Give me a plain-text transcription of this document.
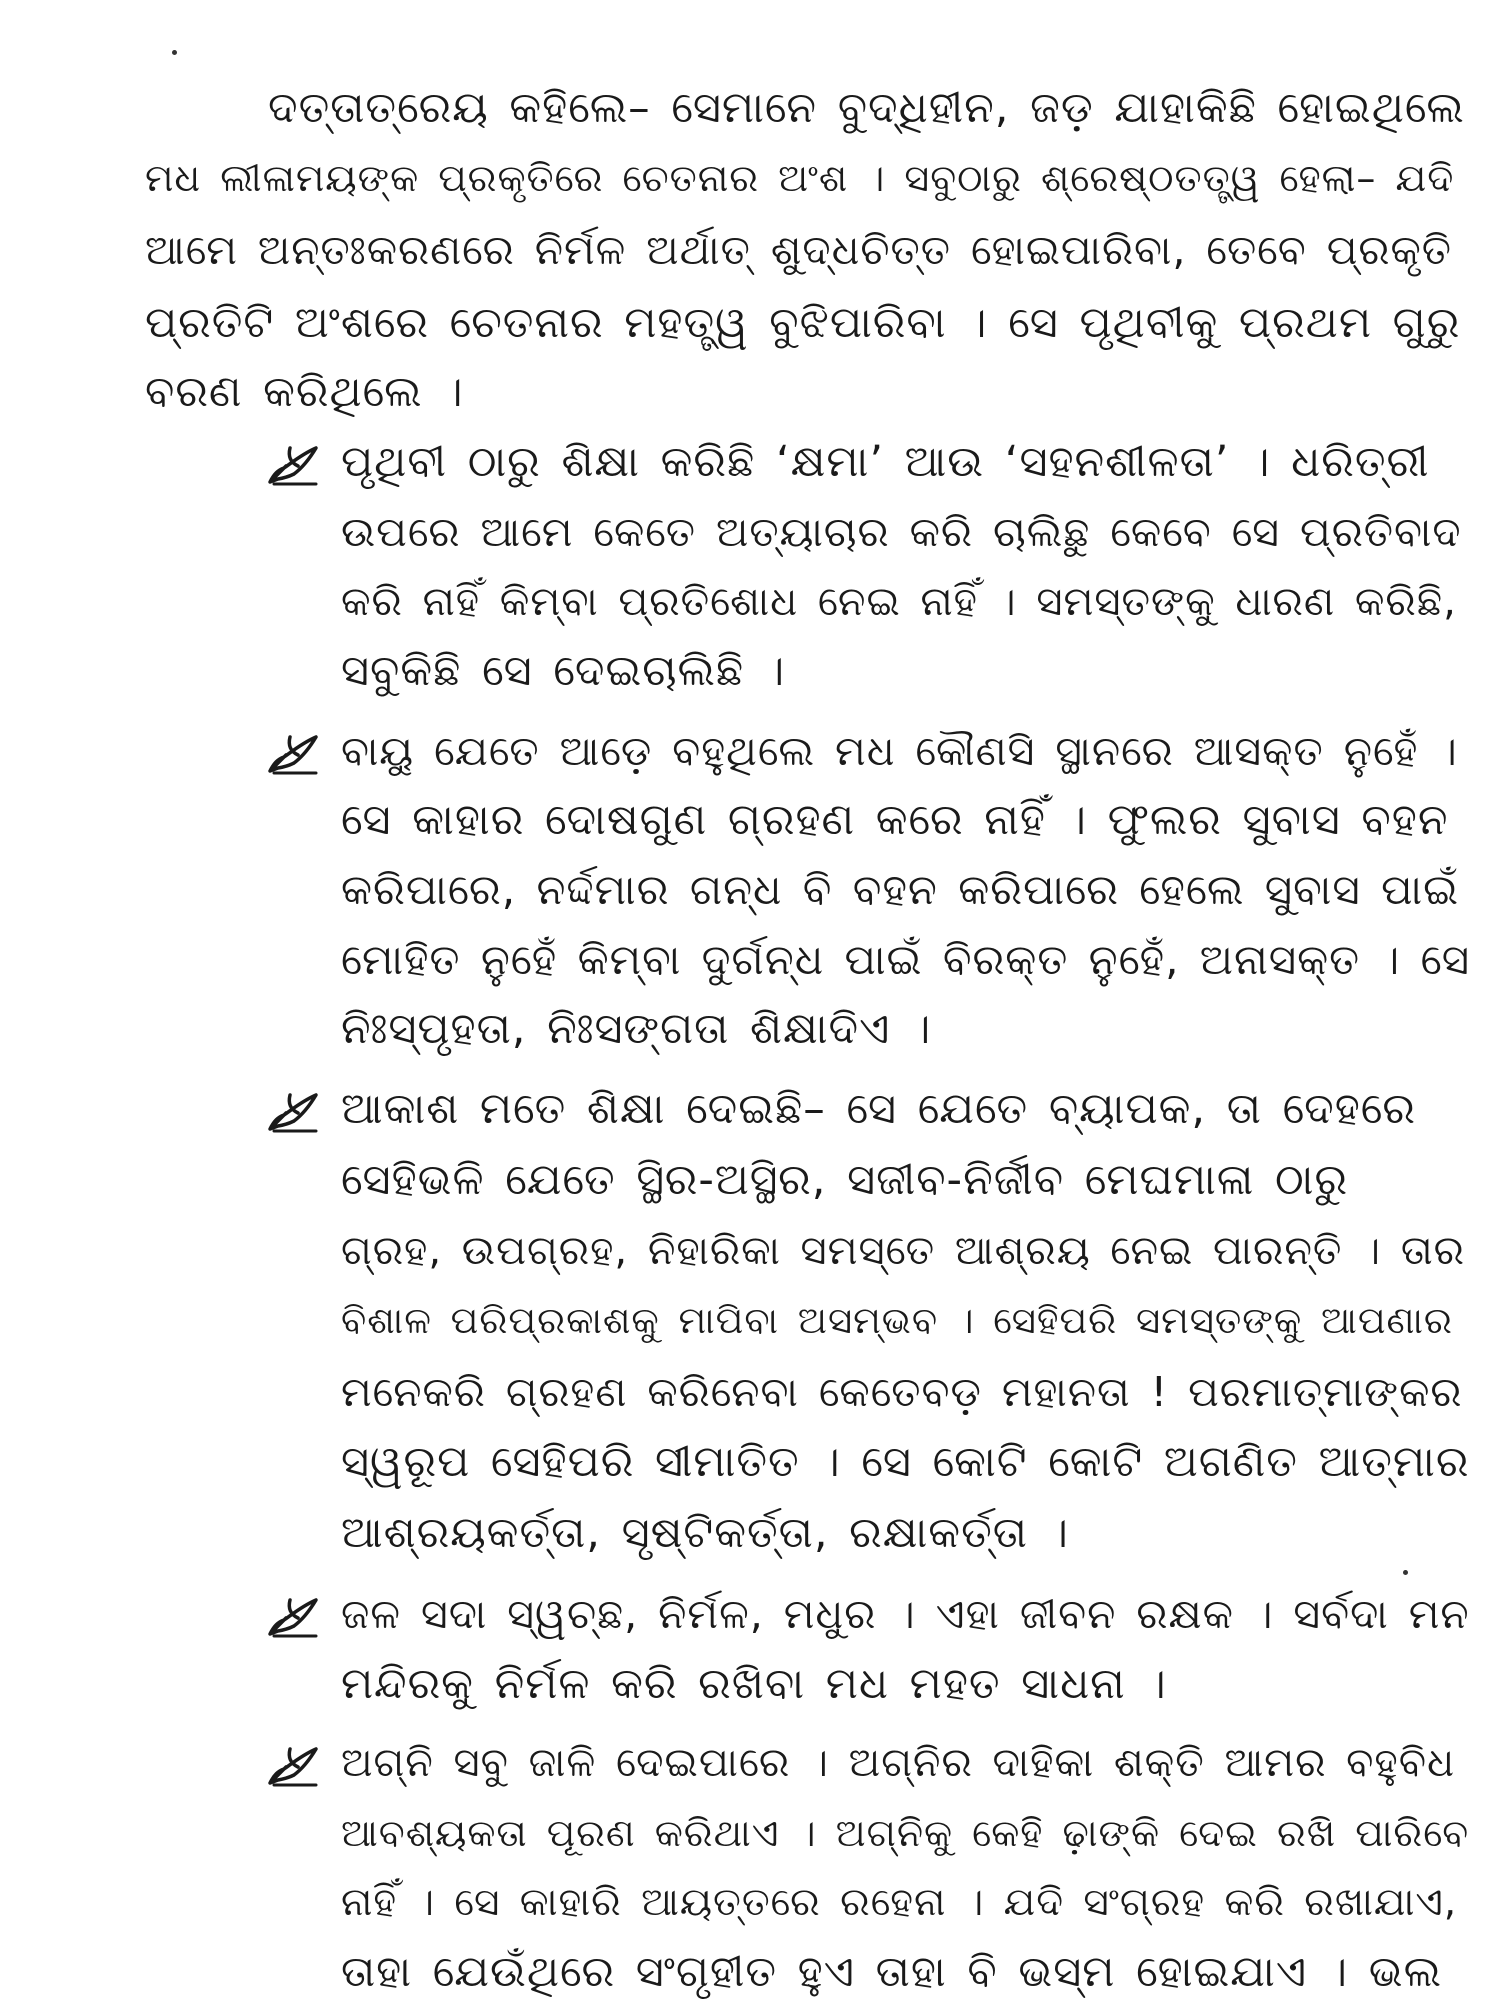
ଦତ୍ତାତ୍ରେୟ କହିଲେ– ସେମାନେ ବୁଦ୍ଧିହୀନ, ଜଡ଼ ଯାହାକିଛି ହୋଇଥିଲେ
ମଧ ଲୀଳାମୟଙ୍କ ପ୍ରକୃତିରେ ଚେତନାର ଅଂଶ । ସବୁଠାରୁ ଶ୍ରେଷ୍ଠତତ୍ତ୍ୱ ହେଲା– ଯଦି
ଆମେ ଅନ୍ତଃକରଣରେ ନିର୍ମଳ ଅର୍ଥାତ୍ ଶୁଦ୍ଧଚିତ୍ତ ହୋଇପାରିବା, ତେବେ ପ୍ରକୃତି
ପ୍ରତିଟି ଅଂଶରେ ଚେତନାର ମହତ୍ତ୍ୱ ବୁଝିପାରିବା । ସେ ପୃଥିବୀକୁ ପ୍ରଥମ ଗୁରୁ
ବରଣ କରିଥିଲେ ।
ପୃଥିବୀ ଠାରୁ ଶିକ୍ଷା କରିଛି ‘କ୍ଷମା’ ଆଉ ‘ସହନଶୀଳତା’ । ଧରିତ୍ରୀ
ଉପରେ ଆମେ କେତେ ଅତ୍ୟାଚାର କରି ଚାଲିଛୁ କେବେ ସେ ପ୍ରତିବାଦ
କରି ନାହିଁ କିମ୍ବା ପ୍ରତିଶୋଧ ନେଇ ନାହିଁ । ସମସ୍ତଙ୍କୁ ଧାରଣ କରିଛି,
ସବୁକିଛି ସେ ଦେଇଚାଲିଛି ।
ବାୟୁ ଯେତେ ଆଡ଼େ ବହୁଥିଲେ ମଧ କୌଣସି ସ୍ଥାନରେ ଆସକ୍ତ ନୁହେଁ ।
ସେ କାହାର ଦୋଷଗୁଣ ଗ୍ରହଣ କରେ ନାହିଁ । ଫୁଲର ସୁବାସ ବହନ
କରିପାରେ, ନର୍ଦ୍ଦମାର ଗନ୍ଧ ବି ବହନ କରିପାରେ ହେଲେ ସୁବାସ ପାଇଁ
ମୋହିତ ନୁହେଁ କିମ୍ବା ଦୁର୍ଗନ୍ଧ ପାଇଁ ବିରକ୍ତ ନୁହେଁ, ଅନାସକ୍ତ । ସେ
ନିଃସ୍ପୃହତା, ନିଃସଙ୍ଗତା ଶିକ୍ଷାଦିଏ ।
ଆକାଶ ମତେ ଶିକ୍ଷା ଦେଇଛି– ସେ ଯେତେ ବ୍ୟାପକ, ତା ଦେହରେ
ସେହିଭଳି ଯେତେ ସ୍ଥିର-ଅସ୍ଥିର, ସଜୀବ-ନିର୍ଜୀବ ମେଘମାଳା ଠାରୁ
ଗ୍ରହ, ଉପଗ୍ରହ, ନିହାରିକା ସମସ୍ତେ ଆଶ୍ରୟ ନେଇ ପାରନ୍ତି । ତାର
ବିଶାଳ ପରିପ୍ରକାଶକୁ ମାପିବା ଅସମ୍ଭବ । ସେହିପରି ସମସ୍ତଙ୍କୁ ଆପଣାର
ମନେକରି ଗ୍ରହଣ କରିନେବା କେତେବଡ଼ ମହାନତା ! ପରମାତ୍ମାଙ୍କର
ସ୍ୱରୂପ ସେହିପରି ସୀମାତିତ । ସେ କୋଟି କୋଟି ଅଗଣିତ ଆତ୍ମାର
ଆଶ୍ରୟକର୍ତ୍ତା, ସୃଷ୍ଟିକର୍ତ୍ତା, ରକ୍ଷାକର୍ତ୍ତା ।
ଜଳ ସଦା ସ୍ୱଚ୍ଛ, ନିର୍ମଳ, ମଧୁର । ଏହା ଜୀବନ ରକ୍ଷକ । ସର୍ବଦା ମନ
ମନ୍ଦିରକୁ ନିର୍ମଳ କରି ରଖିବା ମଧ ମହତ ସାଧନା ।
ଅଗ୍ନି ସବୁ ଜାଳି ଦେଇପାରେ । ଅଗ୍ନିର ଦାହିକା ଶକ୍ତି ଆମର ବହୁବିଧ
ଆବଶ୍ୟକତା ପୂରଣ କରିଥାଏ । ଅଗ୍ନିକୁ କେହି ଢ଼ାଙ୍କି ଦେଇ ରଖି ପାରିବେ
ନାହିଁ । ସେ କାହାରି ଆୟତ୍ତରେ ରହେନା । ଯଦି ସଂଗ୍ରହ କରି ରଖାଯାଏ,
ତାହା ଯେଉଁଥିରେ ସଂଗୃହୀତ ହୁଏ ତାହା ବି ଭସ୍ମ ହୋଇଯାଏ । ଭଲ
